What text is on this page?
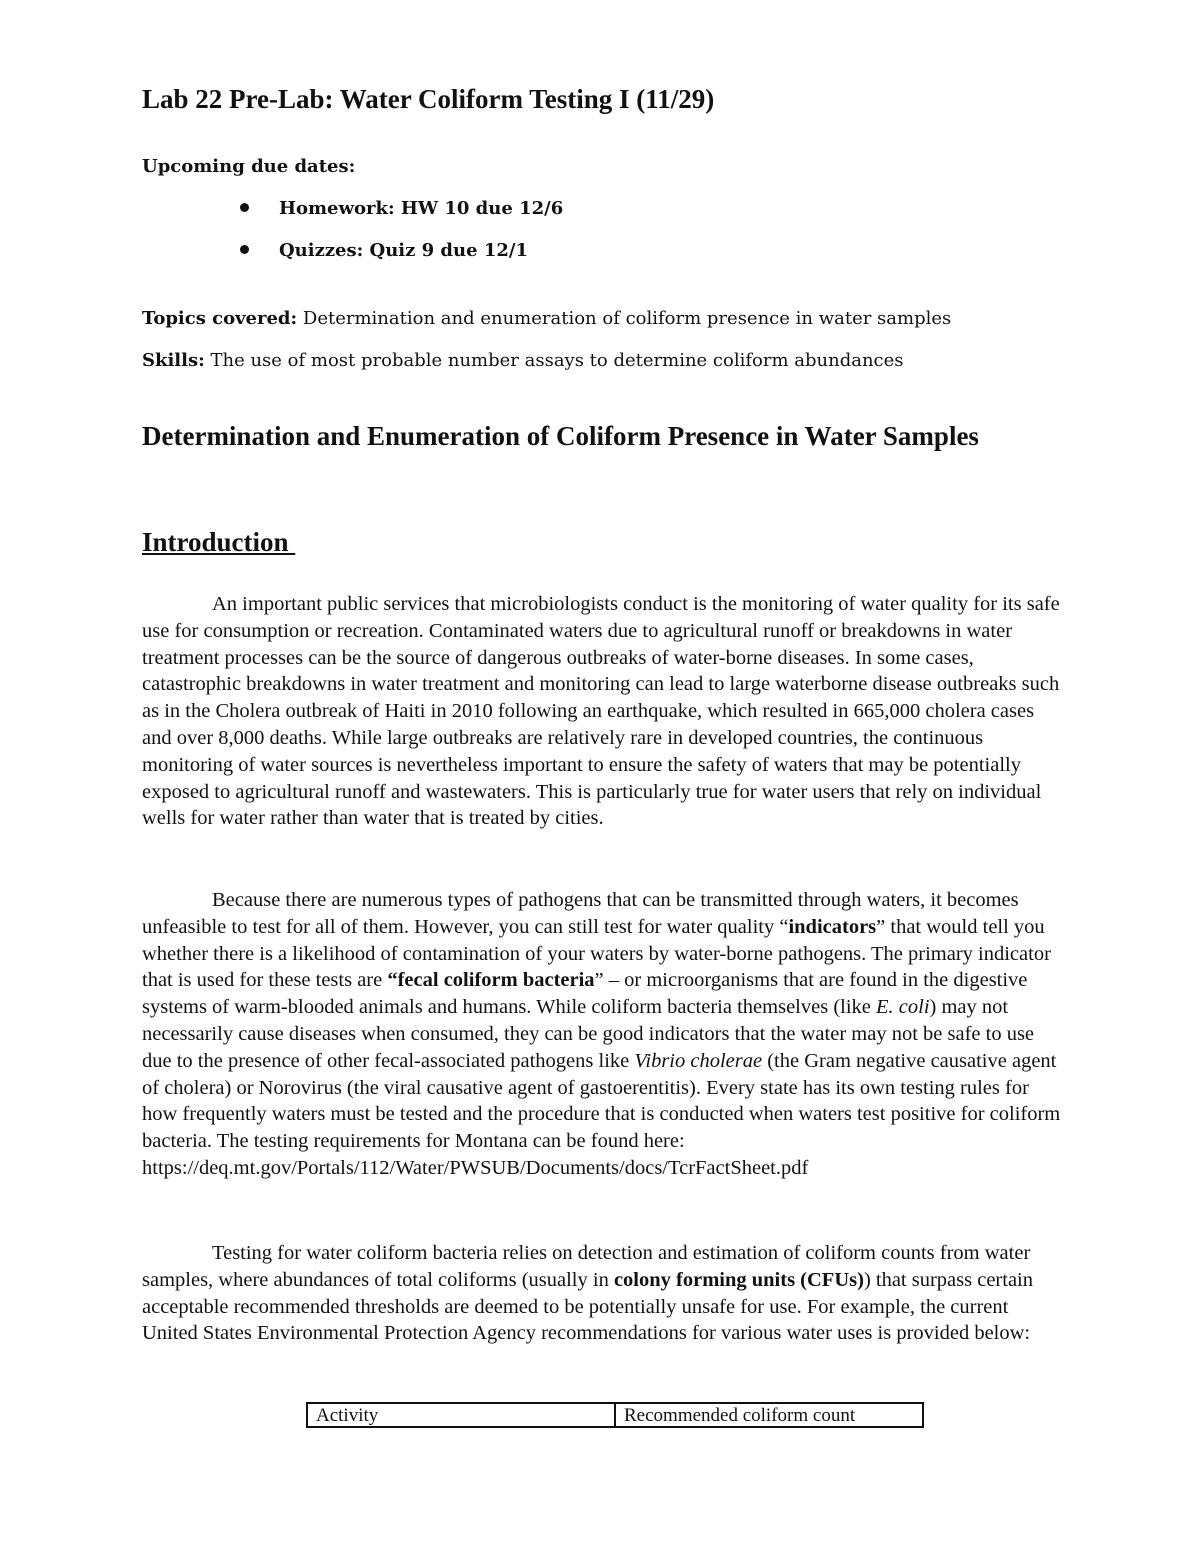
Lab 22 Pre-Lab: Water Coliform Testing I (11/29)
Upcoming due dates:
Homework: HW 10 due 12/6
Quizzes: Quiz 9 due 12/1
Topics covered: Determination and enumeration of coliform presence in water samples
Skills: The use of most probable number assays to determine coliform abundances
Determination and Enumeration of Coliform Presence in Water Samples
Introduction

An important public services that microbiologists conduct is the monitoring of water quality for its safe use for consumption or recreation. Contaminated waters due to agricultural runoff or breakdowns in water treatment processes can be the source of dangerous outbreaks of water-borne diseases. In some cases, catastrophic breakdowns in water treatment and monitoring can lead to large waterborne disease outbreaks such as in the Cholera outbreak of Haiti in 2010 following an earthquake, which resulted in 665,000 cholera cases and over 8,000 deaths. While large outbreaks are relatively rare in developed countries, the continuous monitoring of water sources is nevertheless important to ensure the safety of waters that may be potentially exposed to agricultural runoff and wastewaters. This is particularly true for water users that rely on individual wells for water rather than water that is treated by cities.

Because there are numerous types of pathogens that can be transmitted through waters, it becomes unfeasible to test for all of them. However, you can still test for water quality “indicators” that would tell you whether there is a likelihood of contamination of your waters by water-borne pathogens. The primary indicator that is used for these tests are “fecal coliform bacteria” – or microorganisms that are found in the digestive systems of warm-blooded animals and humans. While coliform bacteria themselves (like E. coli) may not necessarily cause diseases when consumed, they can be good indicators that the water may not be safe to use due to the presence of other fecal-associated pathogens like Vibrio cholerae (the Gram negative causative agent of cholera) or Norovirus (the viral causative agent of gastoerentitis). Every state has its own testing rules for how frequently waters must be tested and the procedure that is conducted when waters test positive for coliform bacteria. The testing requirements for Montana can be found here: https://deq.mt.gov/Portals/112/Water/PWSUB/Documents/docs/TcrFactSheet.pdf

Testing for water coliform bacteria relies on detection and estimation of coliform counts from water samples, where abundances of total coliforms (usually in colony forming units (CFUs)) that surpass certain acceptable recommended thresholds are deemed to be potentially unsafe for use. For example, the current United States Environmental Protection Agency recommendations for various water uses is provided below:

Activity	Recommended coliform count
